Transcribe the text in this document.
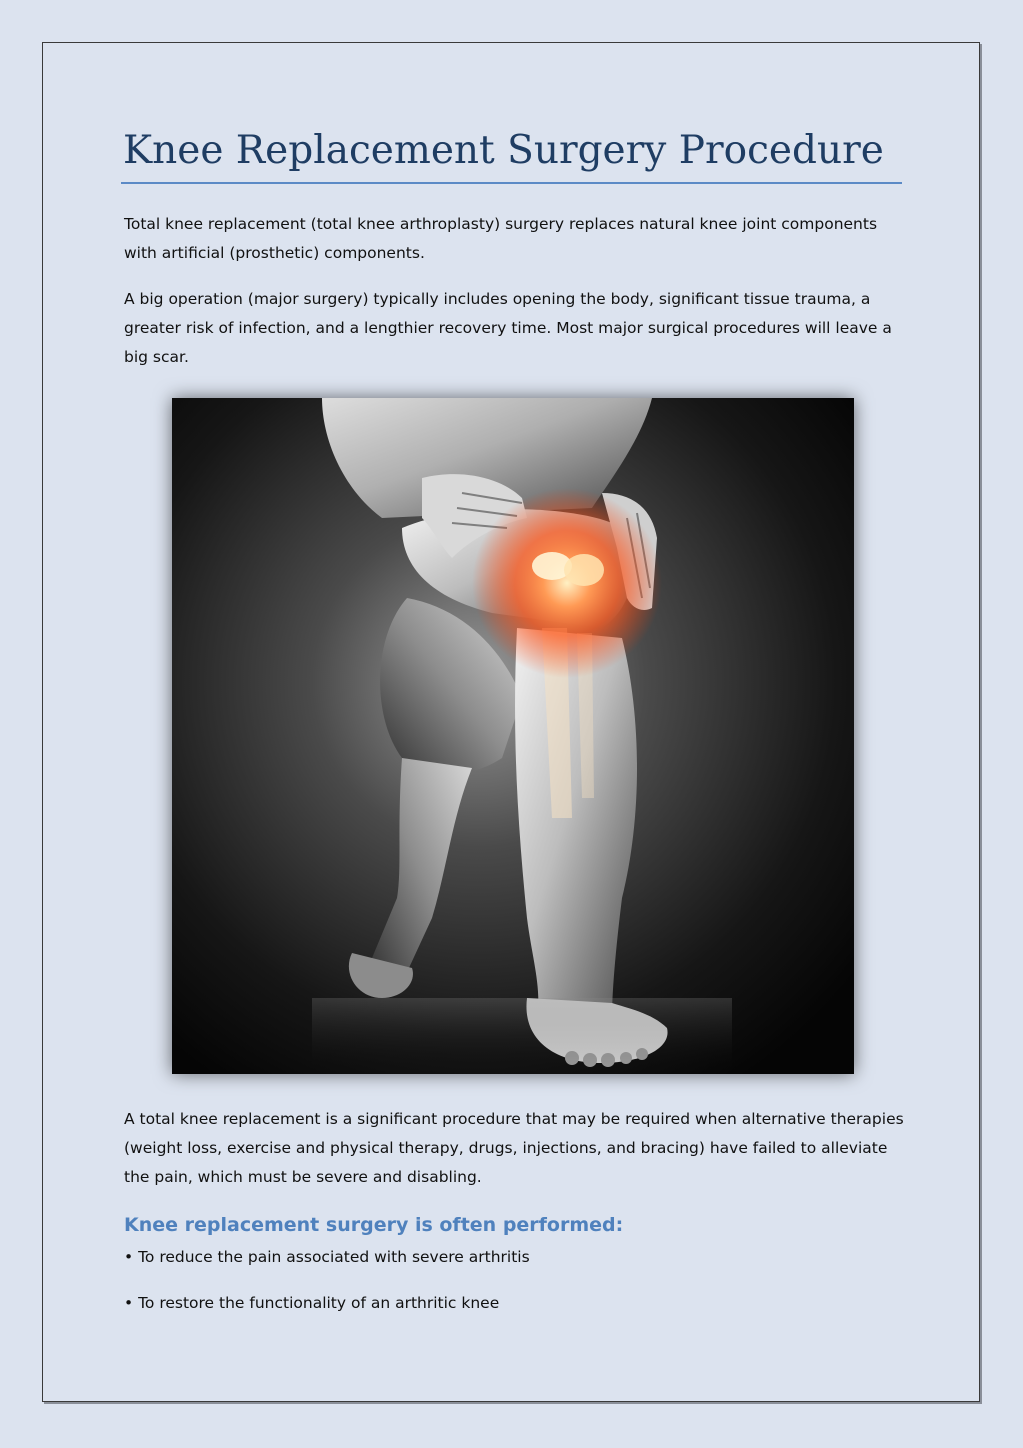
Knee Replacement Surgery Procedure

Total knee replacement (total knee arthroplasty) surgery replaces natural knee joint components with artificial (prosthetic) components.

A big operation (major surgery) typically includes opening the body, significant tissue trauma, a greater risk of infection, and a lengthier recovery time. Most major surgical procedures will leave a big scar.

A total knee replacement is a significant procedure that may be required when alternative therapies (weight loss, exercise and physical therapy, drugs, injections, and bracing) have failed to alleviate the pain, which must be severe and disabling.

Knee replacement surgery is often performed:

• To reduce the pain associated with severe arthritis

• To restore the functionality of an arthritic knee
